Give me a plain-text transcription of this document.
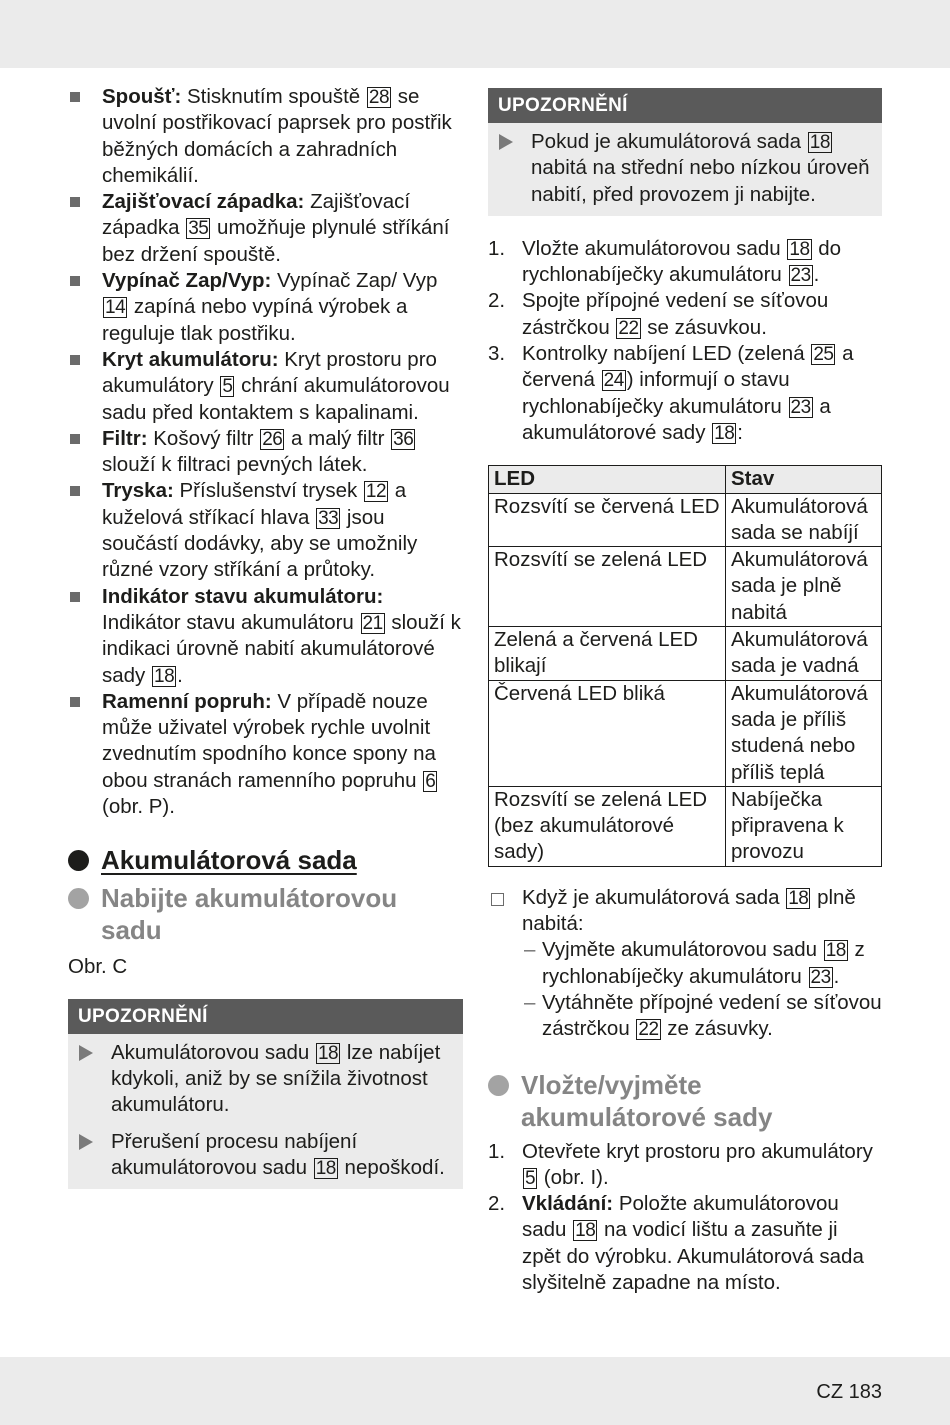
Spoušť: Stisknutím spouště 28 se uvolní postřikovací paprsek pro postřik běžných domácích a zahradních chemikálií.
Zajišťovací západka: Zajišťovací západka 35 umožňuje plynulé stříkání bez držení spouště.
Vypínač Zap/Vyp: Vypínač Zap/ Vyp 14 zapíná nebo vypíná výrobek a reguluje tlak postřiku.
Kryt akumulátoru: Kryt prostoru pro akumulátory 5 chrání akumulátorovou sadu před kontaktem s kapalinami.
Filtr: Košový filtr 26 a malý filtr 36 slouží k filtraci pevných látek.
Tryska: Příslušenství trysek 12 a kuželová stříkací hlava 33 jsou součástí dodávky, aby se umožnily různé vzory stříkání a průtoky.
Indikátor stavu akumulátoru: Indikátor stavu akumulátoru 21 slouží k indikaci úrovně nabití akumulátorové sady 18 .
Ramenní popruh: V případě nouze může uživatel výrobek rychle uvolnit zvednutím spodního konce spony na obou stranách ramenního popruhu 6 (obr. P).
Akumulátorová sada
Nabijte akumulátorovou sadu
Obr. C
UPOZORNĚNÍ
Akumulátorovou sadu 18 lze nabíjet kdykoli, aniž by se snížila životnost akumulátoru.
Přerušení procesu nabíjení akumulátorovou sadu 18 nepoškodí.
UPOZORNĚNÍ
Pokud je akumulátorová sada 18 nabitá na střední nebo nízkou úroveň nabití, před provozem ji nabijte.
1. Vložte akumulátorovou sadu 18 do rychlonabíječky akumulátoru 23 .
2. Spojte přípojné vedení se síťovou zástrčkou 22 se zásuvkou.
3. Kontrolky nabíjení LED (zelená 25 a červená 24 ) informují o stavu rychlonabíječky akumulátoru 23 a akumulátorové sady 18 :
LED	Stav
Rozsvítí se červená LED	Akumulátorová sada se nabíjí
Rozsvítí se zelená LED	Akumulátorová sada je plně nabitá
Zelená a červená LED blikají	Akumulátorová sada je vadná
Červená LED bliká	Akumulátorová sada je příliš studená nebo příliš teplá
Rozsvítí se zelená LED (bez akumulátorové sady)	Nabíječka připravena k provozu
Když je akumulátorová sada 18 plně nabitá:
– Vyjměte akumulátorovou sadu 18 z rychlonabíječky akumulátoru 23 .
– Vytáhněte přípojné vedení se síťovou zástrčkou 22 ze zásuvky.
Vložte/vyjměte akumulátorové sady
1. Otevřete kryt prostoru pro akumulátory 5 (obr. I).
2. Vkládání: Položte akumulátorovou sadu 18 na vodicí lištu a zasuňte ji zpět do výrobku. Akumulátorová sada slyšitelně zapadne na místo.
CZ 183
